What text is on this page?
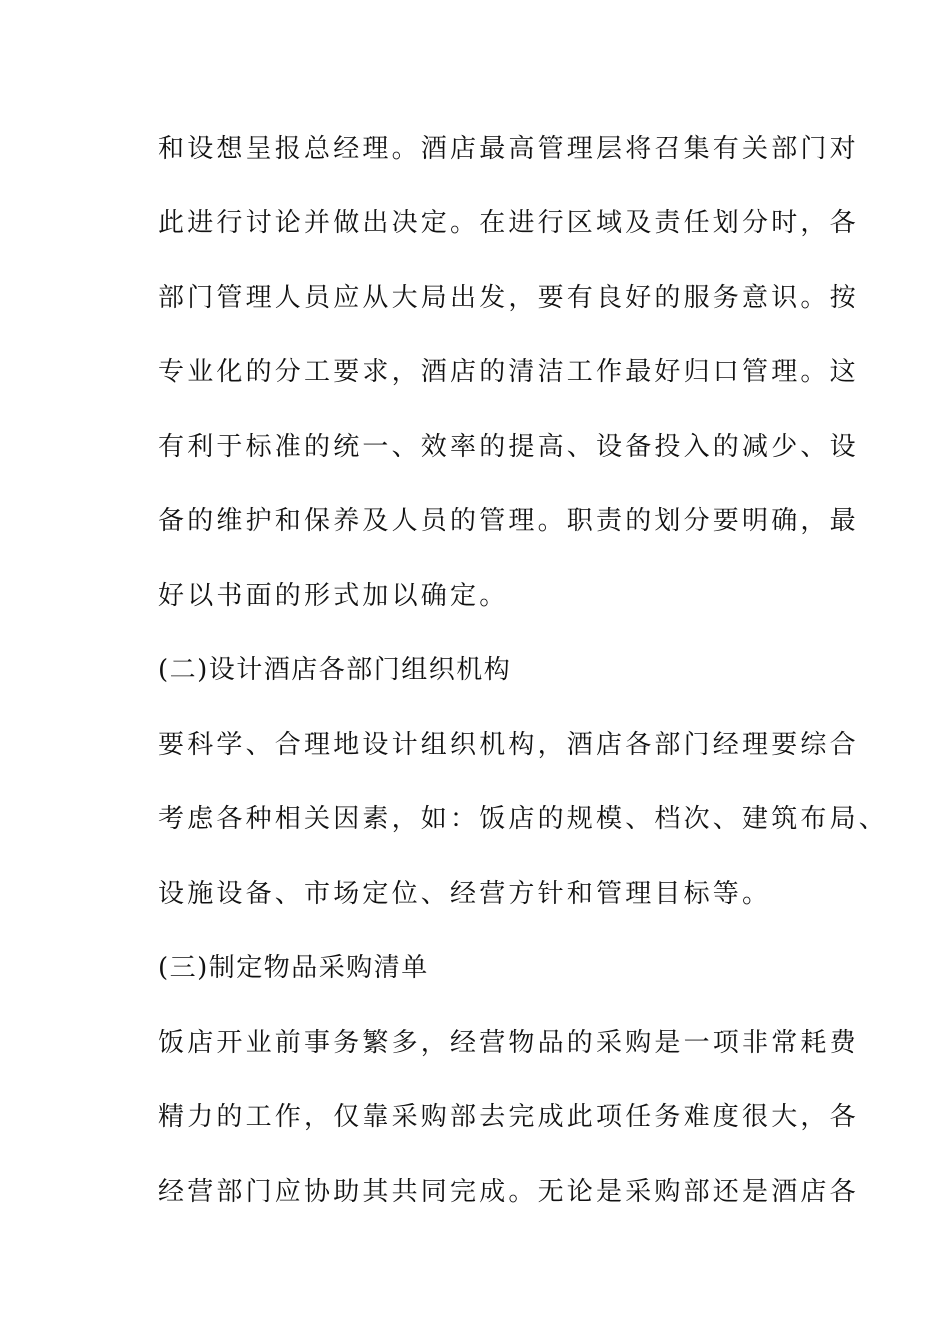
和设想呈报总经理。酒店最高管理层将召集有关部门对
此进行讨论并做出决定。在进行区域及责任划分时，各
部门管理人员应从大局出发，要有良好的服务意识。按
专业化的分工要求，酒店的清洁工作最好归口管理。这
有利于标准的统一、效率的提高、设备投入的减少、设
备的维护和保养及人员的管理。职责的划分要明确，最
好以书面的形式加以确定。
(二)设计酒店各部门组织机构
要科学、合理地设计组织机构，酒店各部门经理要综合
考虑各种相关因素，如：饭店的规模、档次、建筑布局、
设施设备、市场定位、经营方针和管理目标等。
(三)制定物品采购清单
饭店开业前事务繁多，经营物品的采购是一项非常耗费
精力的工作，仅靠采购部去完成此项任务难度很大，各
经营部门应协助其共同完成。无论是采购部还是酒店各
